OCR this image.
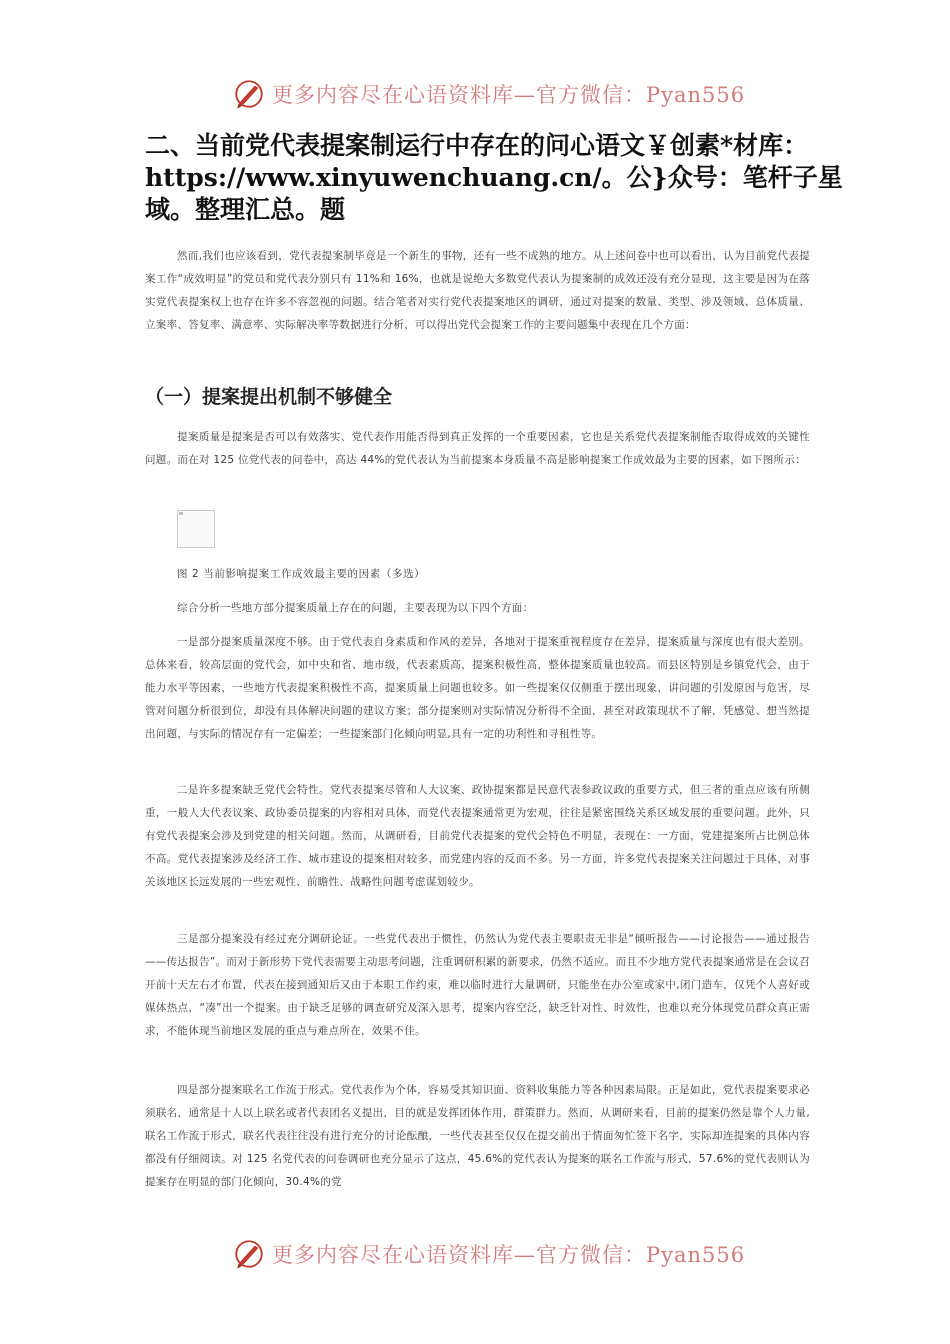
更多内容尽在心语资料库—官方微信：Pyan556
二、当前党代表提案制运行中存在的问心语文￥创素*材库：https://www.xinyuwenchuang.cn/。公}众号：笔杆子星域。整理汇总。题

然而,我们也应该看到，党代表提案制毕竟是一个新生的事物，还有一些不成熟的地方。从上述问卷中也可以看出，认为目前党代表提案工作“成效明显”的党员和党代表分别只有 11%和 16%，也就是说绝大多数党代表认为提案制的成效还没有充分显现，这主要是因为在落实党代表提案权上也存在许多不容忽视的问题。结合笔者对实行党代表提案地区的调研，通过对提案的数量、类型、涉及领域、总体质量、立案率、答复率、满意率、实际解决率等数据进行分析，可以得出党代会提案工作的主要问题集中表现在几个方面：

（一）提案提出机制不够健全

提案质量是提案是否可以有效落实、党代表作用能否得到真正发挥的一个重要因素，它也是关系党代表提案制能否取得成效的关键性问题。而在对 125 位党代表的问卷中，高达 44%的党代表认为当前提案本身质量不高是影响提案工作成效最为主要的因素，如下图所示：

图 2 当前影响提案工作成效最主要的因素（多选）

综合分析一些地方部分提案质量上存在的问题，主要表现为以下四个方面：

一是部分提案质量深度不够。由于党代表自身素质和作风的差异，各地对于提案重视程度存在差异，提案质量与深度也有很大差别。总体来看，较高层面的党代会，如中央和省、地市级，代表素质高，提案积极性高，整体提案质量也较高。而县区特别是乡镇党代会，由于能力水平等因素，一些地方代表提案积极性不高，提案质量上问题也较多。如一些提案仅仅侧重于摆出现象，讲问题的引发原因与危害，尽管对问题分析很到位，却没有具体解决问题的建议方案；部分提案则对实际情况分析得不全面，甚至对政策现状不了解，凭感觉、想当然提出问题，与实际的情况存有一定偏差；一些提案部门化倾向明显,具有一定的功利性和寻租性等。

二是许多提案缺乏党代会特性。党代表提案尽管和人大议案、政协提案都是民意代表参政议政的重要方式，但三者的重点应该有所侧重，一般人大代表议案、政协委员提案的内容相对具体，而党代表提案通常更为宏观，往往是紧密围绕关系区域发展的重要问题。此外，只有党代表提案会涉及到党建的相关问题。然而，从调研看，目前党代表提案的党代会特色不明显，表现在：一方面，党建提案所占比例总体不高。党代表提案涉及经济工作、城市建设的提案相对较多，而党建内容的反而不多。另一方面，许多党代表提案关注问题过于具体，对事关该地区长远发展的一些宏观性、前瞻性、战略性问题考虑谋划较少。

三是部分提案没有经过充分调研论证。一些党代表出于惯性，仍然认为党代表主要职责无非是“倾听报告——讨论报告——通过报告——传达报告”。而对于新形势下党代表需要主动思考问题，注重调研积累的新要求，仍然不适应。而且不少地方党代表提案通常是在会议召开前十天左右才布置，代表在接到通知后又由于本职工作约束，难以临时进行大量调研，只能坐在办公室或家中,闭门造车，仅凭个人喜好或媒体热点，“凑”出一个提案。由于缺乏足够的调查研究及深入思考，提案内容空泛，缺乏针对性、时效性，也难以充分体现党员群众真正需求，不能体现当前地区发展的重点与难点所在，效果不佳。

四是部分提案联名工作流于形式。党代表作为个体，容易受其知识面、资料收集能力等各种因素局限。正是如此，党代表提案要求必须联名，通常是十人以上联名或者代表团名义提出，目的就是发挥团体作用，群策群力。然而，从调研来看，目前的提案仍然是靠个人力量,联名工作流于形式，联名代表往往没有进行充分的讨论酝酿，一些代表甚至仅仅在提交前出于情面匆忙签下名字，实际却连提案的具体内容都没有仔细阅读。对 125 名党代表的问卷调研也充分显示了这点，45.6%的党代表认为提案的联名工作流与形式，57.6%的党代表则认为提案存在明显的部门化倾向，30.4%的党

更多内容尽在心语资料库—官方微信：Pyan556
